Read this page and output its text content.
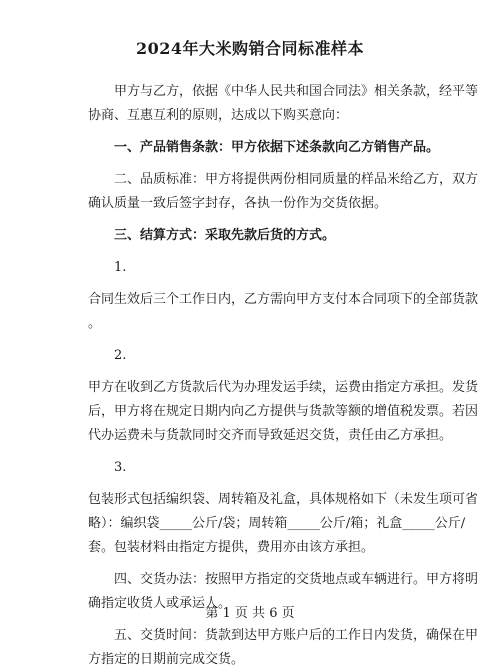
2024年大米购销合同标准样本
甲方与乙方，依据《中华人民共和国合同法》相关条款，经平等
协商、互惠互利的原则，达成以下购买意向：
一、产品销售条款：甲方依据下述条款向乙方销售产品。
二、品质标准：甲方将提供两份相同质量的样品米给乙方，双方
确认质量一致后签字封存，各执一份作为交货依据。
三、结算方式：采取先款后货的方式。
1.
合同生效后三个工作日内，乙方需向甲方支付本合同项下的全部货款
。
2.
甲方在收到乙方货款后代为办理发运手续，运费由指定方承担。发货
后，甲方将在规定日期内向乙方提供与货款等额的增值税发票。若因
代办运费未与货款同时交齐而导致延迟交货，责任由乙方承担。
3.
包装形式包括编织袋、周转箱及礼盒，具体规格如下（未发生项可省
略）：编织袋_____公斤/袋；周转箱_____公斤/箱；礼盒_____公斤/
套。包装材料由指定方提供，费用亦由该方承担。
四、交货办法：按照甲方指定的交货地点或车辆进行。甲方将明
确指定收货人或承运人。
五、交货时间：货款到达甲方账户后的工作日内发货，确保在甲
方指定的日期前完成交货。
第 1 页 共 6 页
